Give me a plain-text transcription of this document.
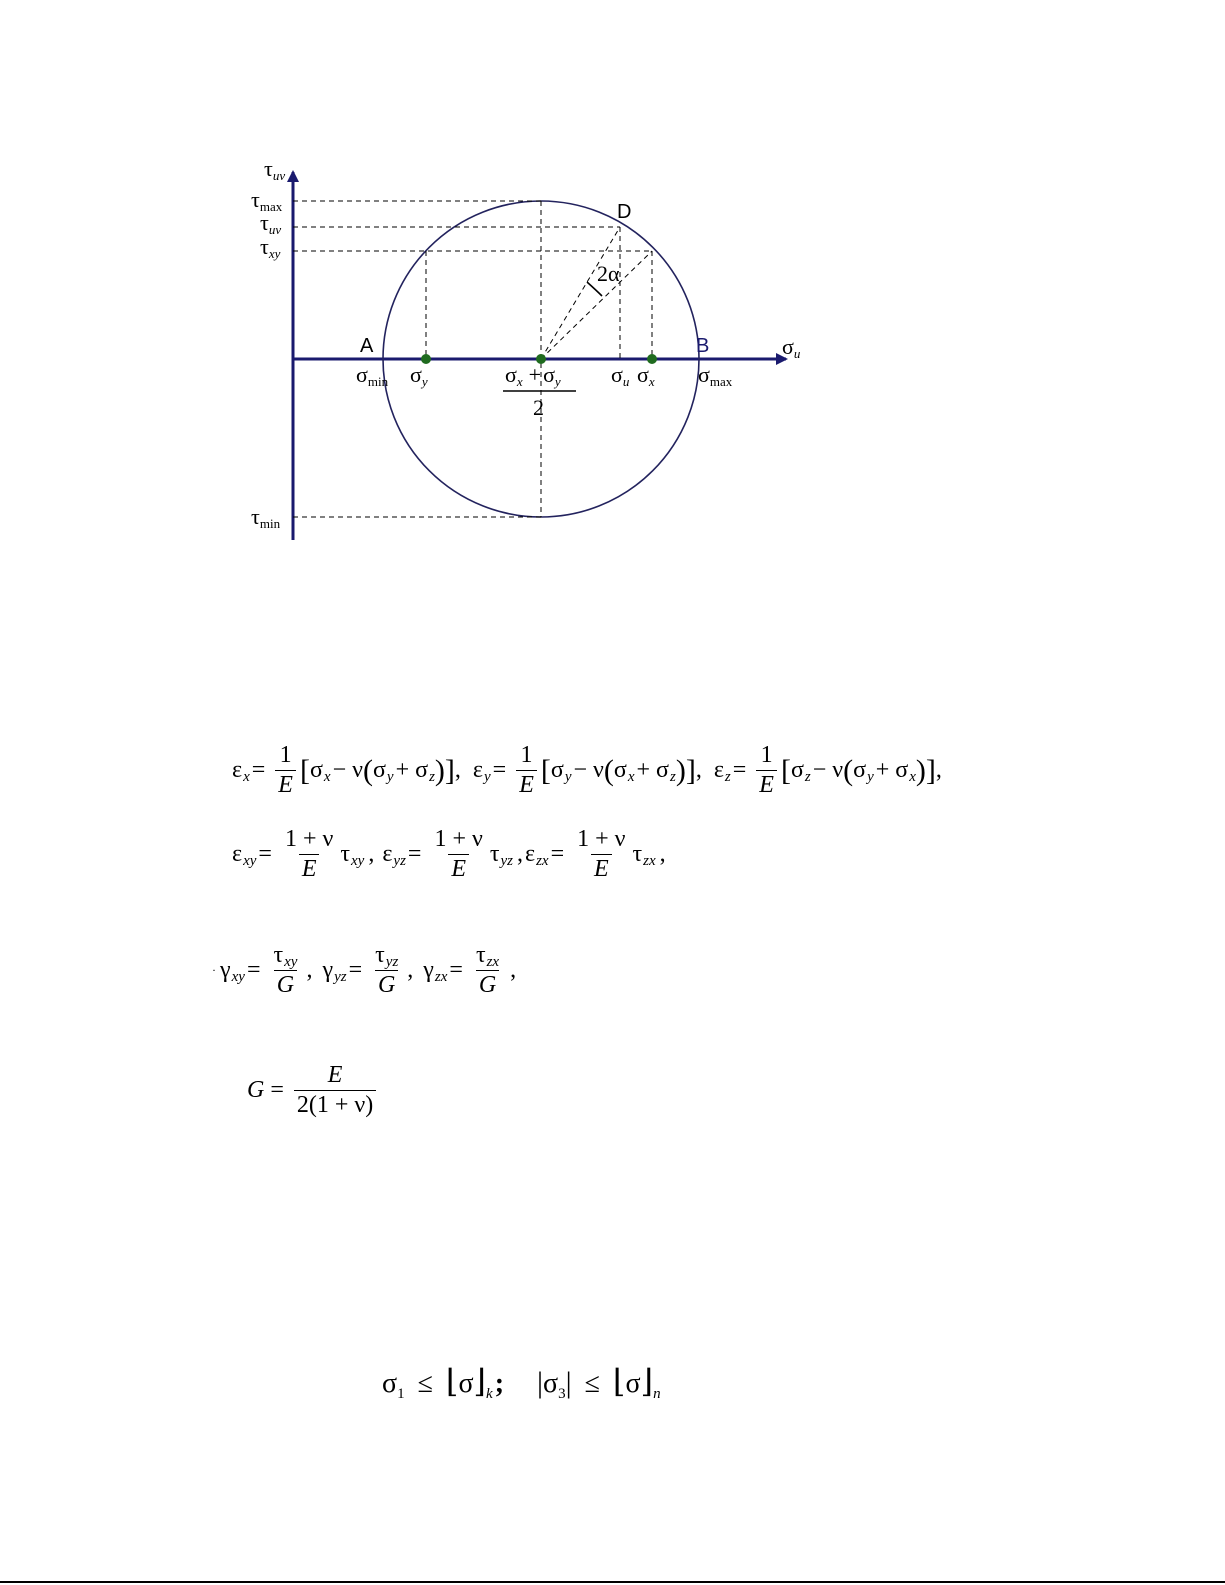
τuv
σu
τmax
τuv
τxy
τmin
A	B
D
2α
σmin σy	σx +σy
2
σu σx σmax
ε $x = \frac{1}{E}$ [ σ x − ν ( σ y + σ z )] , ε $y = \frac{1}{E}$ [ σ y − ν ( σ x + σ z )] , ε $z = \frac{1}{E}$ [ σ z − ν ( σ y + σ x )] ,
ε xy = $\frac{1 + \nu}{E}$ τ xy , ε yz = $\frac{1 + \nu}{E}$ τ yz , ε zx = $\frac{1 + \nu}{E}$ τ zx ,
· γ xy = $\frac{\text{τxy}}{G}$ , γ yz = $\frac{\text{τyz}}{G}$ , γ zx = $\frac{\text{τzx}}{G}$ ,
$G = \frac{E}{2(1 + \nu)}$
$\sigma_1$ ≤ $⌊\sigma⌋_k$; $|\sigma_3|$ ≤ $⌊\sigma⌋_n$
